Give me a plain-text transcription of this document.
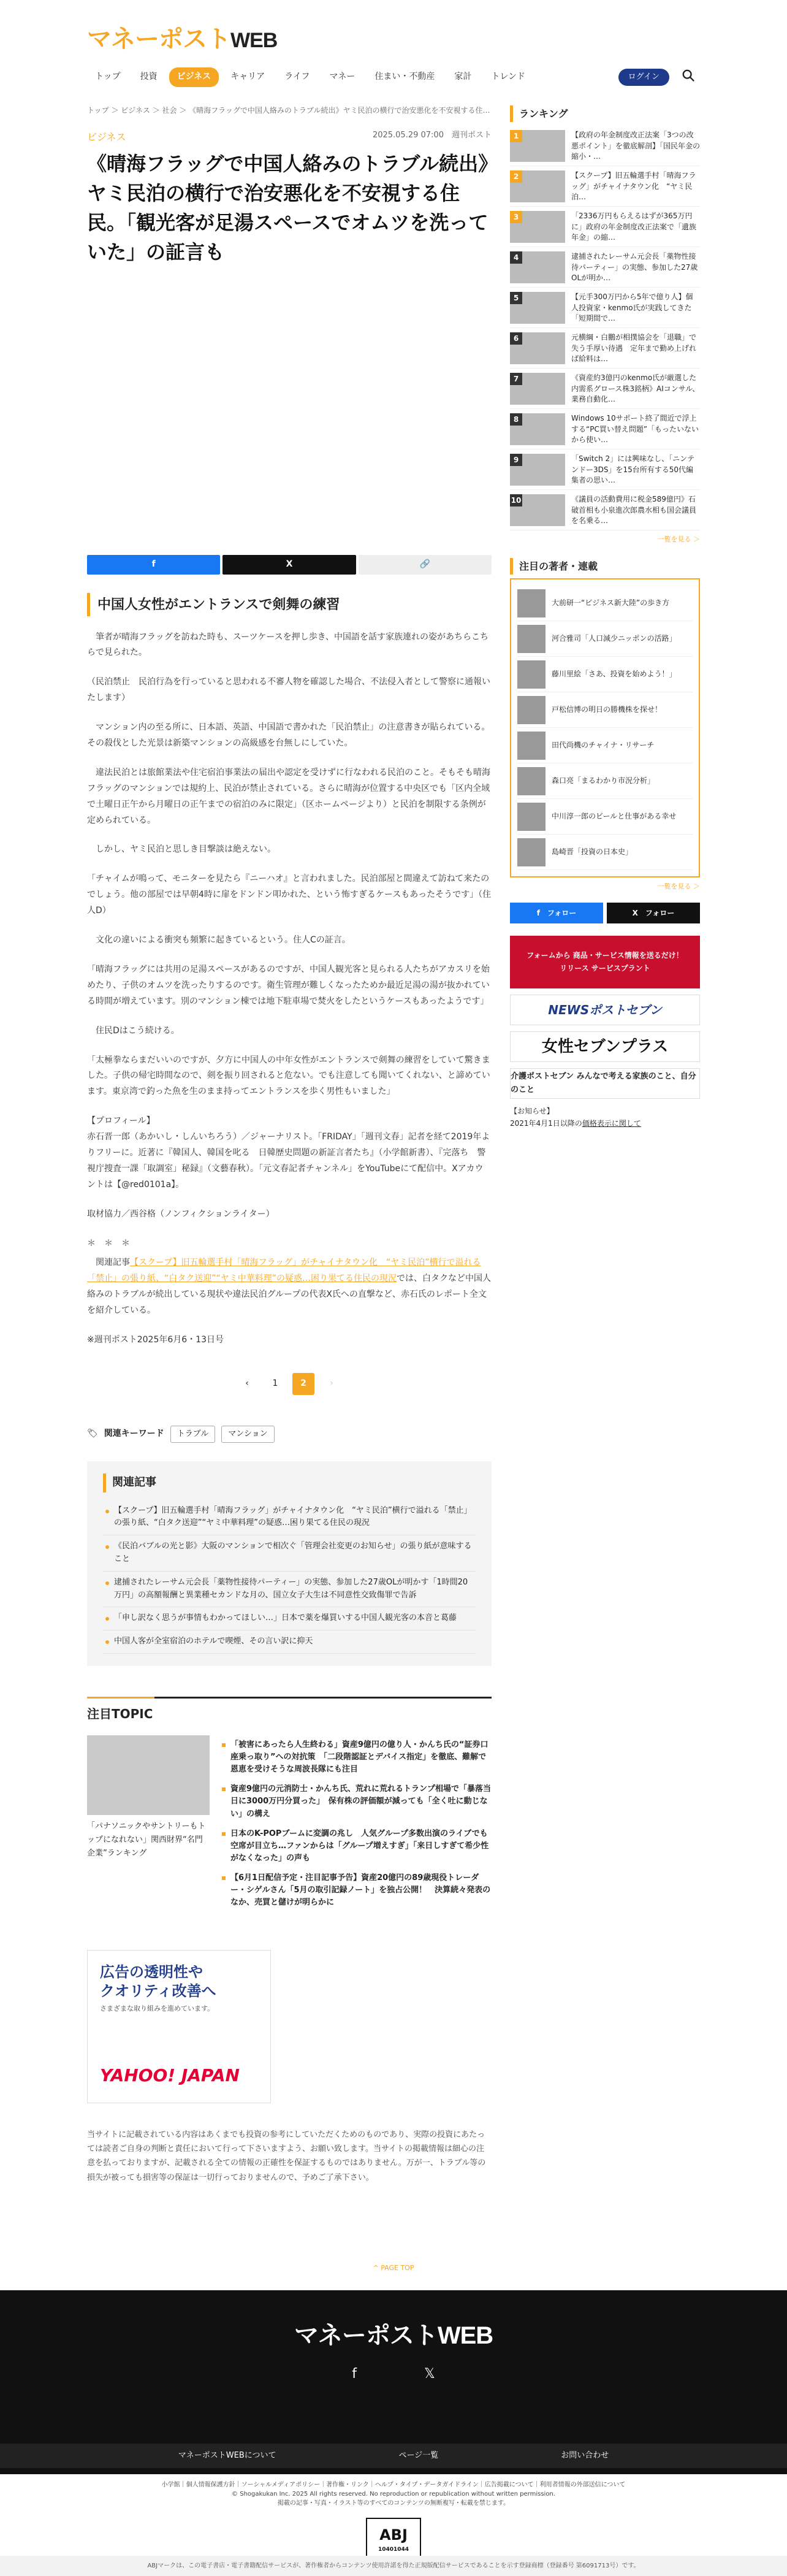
マネーポストWEB
トップ	投資	ビジネス	キャリア	ライフ	マネー	住まい・不動産	家計	トレンド	ログイン
トップ ＞ ビジネス ＞ 社会 ＞ 《晴海フラッグで中国人絡みのトラブル続出》ヤミ民泊の横行で治安悪化を不安視する住…
ビジネス	2025.05.29 07:00　 週刊ポスト
《晴海フラッグで中国人絡みのトラブル続出》ヤミ民泊の横行で治安悪化を不安視する住民。「観光客が足湯スペースでオムツを洗っていた」の証言も
f	X	🔗
中国人女性がエントランスで剣舞の練習

　筆者が晴海フラッグを訪ねた時も、スーツケースを押し歩き、中国語を話す家族連れの姿があちらこちらで見られた。

（民泊禁止　民泊行為を行っていると思われる不審人物を確認した場合、不法侵入者として警察に通報いたします）

　マンション内の至る所に、日本語、英語、中国語で書かれた「民泊禁止」の注意書きが貼られている。その殺伐とした光景は新築マンションの高級感を台無しにしていた。

　違法民泊とは旅館業法や住宅宿泊事業法の届出や認定を受けずに行なわれる民泊のこと。そもそも晴海フラッグのマンションでは規約上、民泊が禁止されている。さらに晴海が位置する中央区でも「区内全域で土曜日正午から月曜日の正午までの宿泊のみに限定」（区ホームページより）と民泊を制限する条例が定められている。

　しかし、ヤミ民泊と思しき目撃談は絶えない。

「チャイムが鳴って、モニターを見たら『ニーハオ』と言われました。民泊部屋と間違えて訪ねて来たのでしょう。他の部屋では早朝4時に扉をドンドン叩かれた、という怖すぎるケースもあったそうです」（住人D）

　文化の違いによる衝突も頻繁に起きているという。住人Cの証言。

「晴海フラッグには共用の足湯スペースがあるのですが、中国人観光客と見られる人たちがアカスリを始めたり、子供のオムツを洗ったりするのです。衛生管理が難しくなったためか最近足湯の湯が抜かれている時間が増えています。別のマンション棟では地下駐車場で焚火をしたというケースもあったようです」

　住民Dはこう続ける。

「太極拳ならまだいいのですが、夕方に中国人の中年女性がエントランスで剣舞の練習をしていて驚きました。子供の帰宅時間なので、剣を振り回されると危ない。でも注意しても聞いてくれない、と諦めています。東京湾で釣った魚を生のまま持ってエントランスを歩く男性もいました」

【プロフィール】
赤石晋一郎（あかいし・しんいちろう）／ジャーナリスト。「FRIDAY」「週刊文春」記者を経て2019年よりフリーに。近著に『韓国人、韓国を叱る　日韓歴史問題の新証言者たち』（小学館新書）、『完落ち　警視庁捜査一課「取調室」秘録』（文藝春秋）。「元文春記者チャンネル」をYouTubeにて配信中。Xアカウントは【@red0101a】。

取材協力／西谷格（ノンフィクションライター）

＊　＊　＊

　関連記事【スクープ】旧五輪選手村「晴海フラッグ」がチャイナタウン化　“ヤミ民泊”横行で溢れる「禁止」の張り紙、“白タク送迎”“ヤミ中華料理”の疑惑…困り果てる住民の現況では、白タクなど中国人絡みのトラブルが続出している現状や違法民泊グループの代表X氏への直撃など、赤石氏のレポート全文を紹介している。

※週刊ポスト2025年6月6・13日号

‹	1	2	›
🏷 関連キーワード	トラブル	マンション
関連記事
【スクープ】旧五輪選手村「晴海フラッグ」がチャイナタウン化　“ヤミ民泊”横行で溢れる「禁止」の張り紙、“白タク送迎”“ヤミ中華料理”の疑惑…困り果てる住民の現況
《民泊バブルの光と影》大阪のマンションで相次ぐ「管理会社変更のお知らせ」の張り紙が意味すること
逮捕されたレーサム元会長「薬物性接待パーティー」の実態、参加した27歳OLが明かす「1時間20万円」の高額報酬と異業種セカンドな月の、国立女子大生は不同意性交致傷罪で告訴
「申し訳なく思うが事情もわかってほしい…」日本で薬を爆買いする中国人観光客の本音と葛藤
中国人客が全室宿泊のホテルで喫煙、その言い訳に抑天
注目TOPIC
「パナソニックやサントリーもトップになれない」関西財界“名門企業”ランキング
「被害にあったら人生終わる」資産9億円の億り人・かんち氏の“証券口座乗っ取り”への対抗策　「二段階認証とデバイス指定」を徹底、難解で恩恵を受けそうな周波長隊にも注目
資産9億円の元消防士・かんち氏、荒れに荒れるトランプ相場で「暴落当日に3000万円分買った」　保有株の評価額が減っても「全く吐に動じない」の構え
日本のK-POPブームに変調の兆し　人気グループ多数出演のライブでも空席が目立ち…ファンからは「グループ増えすぎ」「来日しすぎて希少性がなくなった」の声も
【6月1日配信予定・注目記事予告】資産20億円の89歳現役トレーダー・シゲルさん「5月の取引記録ノート」を独占公開！　決算続々発表のなか、売買と儲けが明らかに
広告の透明性や
クオリティ改善へ
さまざまな取り組みを進めています。
YAHOO! JAPAN

当サイトに記載されている内容はあくまでも投資の参考にしていただくためのものであり、実際の投資にあたっては読者ご自身の判断と責任において行って下さいますよう、お願い致します。当サイトの掲載情報は細心の注意を払っておりますが、記載される全ての情報の正確性を保証するものではありません。万が一、トラブル等の損失が被っても損害等の保証は一切行っておりませんので、予めご了承下さい。

ランキング
1	【政府の年金制度改正法案「3つの改悪ポイント」を徹底解剖】「国民年金の縮小・…
2	【スクープ】旧五輪選手村「晴海フラッグ」がチャイナタウン化　“ヤミ民泊…
3	「2336万円もらえるはずが365万円に」政府の年金制度改正法案で「遺族年金」の縮…
4	逮捕されたレーサム元会長「薬物性接待パーティー」の実態、参加した27歳OLが明か…
5	【元手300万円から5年で億り人】個人投資家・kenmo氏が実践してきた「短期間で…
6	元横綱・白鵬が相撲協会を「退職」で失う手厚い待遇　定年まで勤め上げれば給料は…
7	《資産約3億円のkenmo氏が厳選した内需系グロース株3銘柄》AIコンサル、業務自動化…
8	Windows 10サポート終了間近で浮上する“PC買い替え問題”「もったいないから使い…
9	「Switch 2」には興味なし、「ニンテンドー3DS」を15台所有する50代編集者の思い…
10	《議員の活動費用に税金589億円》石破首相も小泉進次郎農水相も国会議員を名乗る…
一覧を見る ＞
注目の著者・連載
大前研一“ビジネス新大陸”の歩き方
河合雅司「人口減少ニッポンの活路」
藤川里絵「さあ、投資を始めよう！」
戸松信博の明日の勝機株を探せ！
田代尚機のチャイナ・リサーチ
森口亮「まるわかり市況分析」
中川淳一郎のビールと仕事がある幸せ
島崎晋「投資の日本史」
一覧を見る ＞
f　フォロー	X　フォロー
フォームから 商品・サービス情報を送るだけ！ リリース サービスプラント
NEWSポストセブン
女性セブンプラス
介護ポストセブン みんなで考える家族のこと、自分のこと
【お知らせ】
2021年4月1日以降の価格表示に関して
^ PAGE TOP
マネーポストWEB
f	𝕏
マネーポストWEBについて	ページ一覧	お問い合わせ
小学館｜個人情報保護方針｜ソーシャルメディアポリシー｜著作権・リンク｜ヘルプ・タイプ・データガイドライン｜広告掲載について｜利用者情報の外部送信について
© Shogakukan Inc. 2025 All rights reserved. No reproduction or republication without written permission.
掲載の記事・写真・イラスト等のすべてのコンテンツの無断複写・転載を禁じます。
ABJ
10401044
ABJマークは、この電子書店・電子書籍配信サービスが、著作権者からコンテンツ使用許諾を得た正規版配信サービスであることを示す登録商標（登録番号 第6091713号）です。
